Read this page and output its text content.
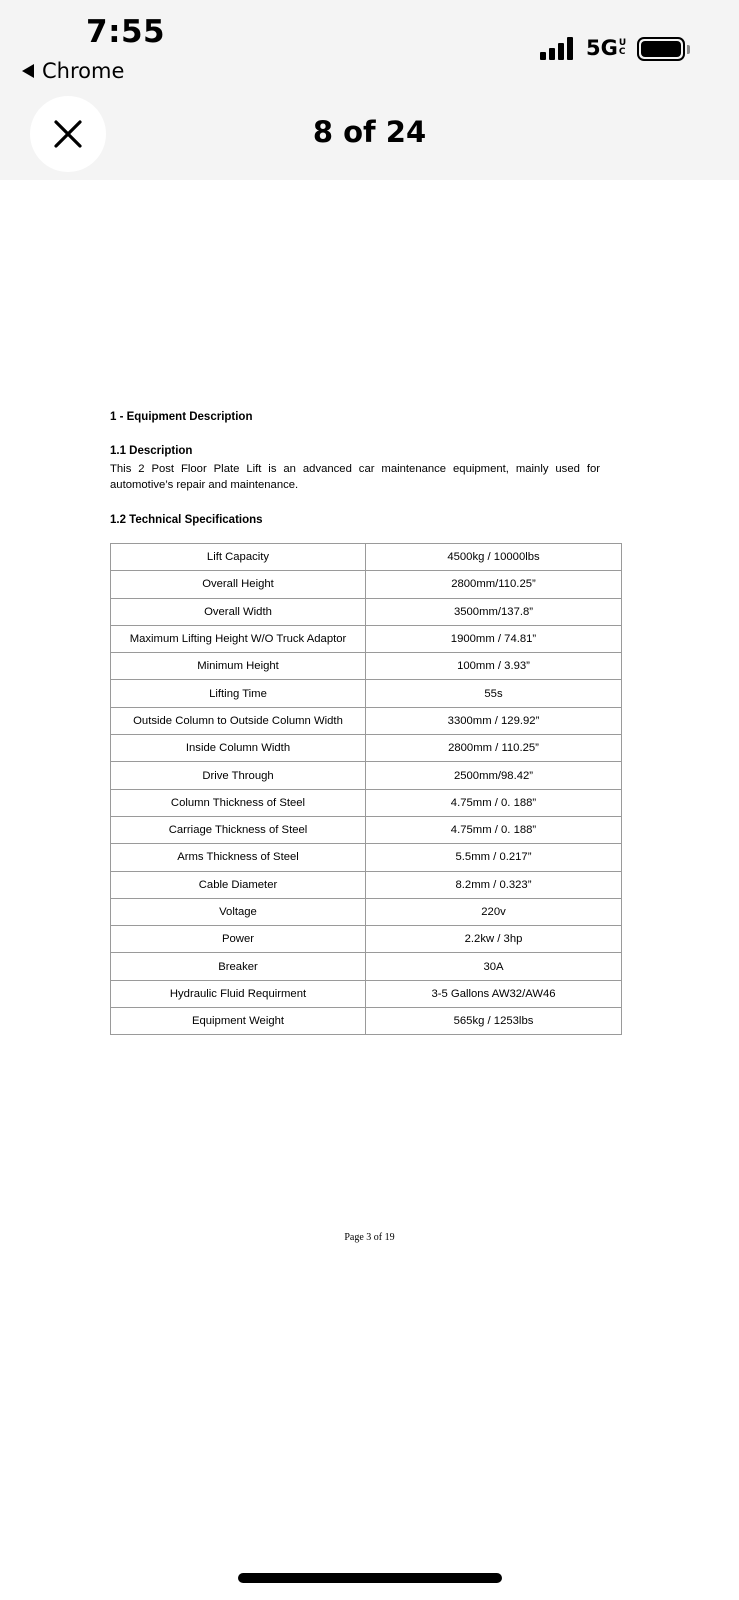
7:55
Chrome
5G U
C
8 of 24
1 - Equipment Description
1.1 Description
This 2 Post Floor Plate Lift is an advanced car maintenance equipment, mainly used for automotive’s repair and maintenance.
1.2 Technical Specifications
Lift Capacity	4500kg / 10000lbs
Overall Height	2800mm/110.25”
Overall Width	3500mm/137.8”
Maximum Lifting Height W/O Truck Adaptor	1900mm / 74.81”
Minimum Height	100mm / 3.93”
Lifting Time	55s
Outside Column to Outside Column Width	3300mm / 129.92”
Inside Column Width	2800mm / 110.25”
Drive Through	2500mm/98.42”
Column Thickness of Steel	4.75mm / 0. 188”
Carriage Thickness of Steel	4.75mm / 0. 188”
Arms Thickness of Steel	5.5mm / 0.217”
Cable Diameter	8.2mm / 0.323”
Voltage	220v
Power	2.2kw / 3hp
Breaker	30A
Hydraulic Fluid Requirment	3-5 Gallons AW32/AW46
Equipment Weight	565kg / 1253lbs
Page 3 of 19
